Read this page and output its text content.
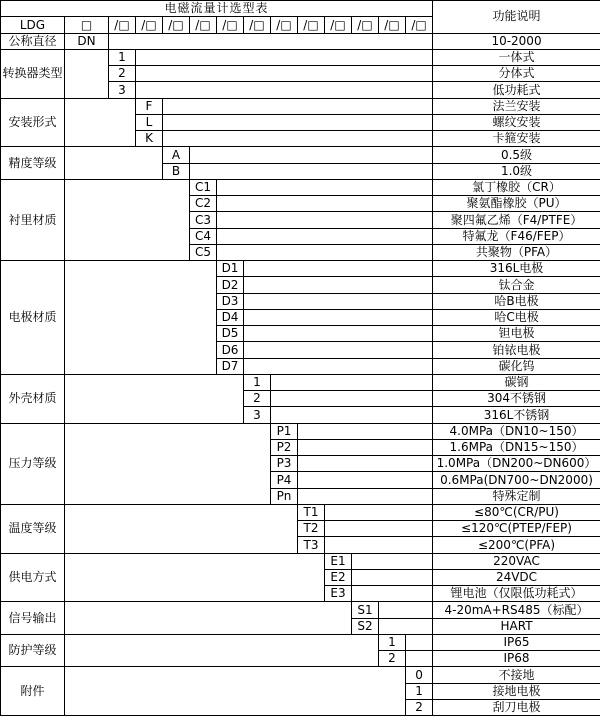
电磁流量计选型表														功能说明
LDG	□	/□	/□	/□	/□	/□	/□	/□	/□	/□	/□	/□	/□	
公称直径	DN													10-2000
转换器类型		1												一体式
		2												分体式
		3												低功耗式
安装形式			F											法兰安装
			L											螺纹安装
			K											卡箍安装
精度等级				A										0.5级
				B										1.0级
衬里材质					C1									氯丁橡胶（CR）
					C2									聚氨酯橡胶（PU）
					C3									聚四氟乙烯（F4/PTFE）
					C4									特氟龙（F46/FEP）
					C5									共聚物（PFA）
电极材质						D1								316L电极
						D2								钛合金
						D3								哈B电极
						D4								哈C电极
						D5								钽电极
						D6								铂铱电极
						D7								碳化钨
外壳材质							1							碳钢
							2							304不锈钢
							3							316L不锈钢
压力等级								P1						4.0MPa（DN10~150）
								P2						1.6MPa（DN15~150）
								P3						1.0MPa（DN200~DN600）
								P4						0.6MPa(DN700~DN2000)
								Pn						特殊定制
温度等级									T1					≤80℃(CR/PU)
									T2					≤120℃(PTEP/FEP)
									T3					≤200℃(PFA)
供电方式										E1				220VAC
										E2				24VDC
										E3				锂电池（仅限低功耗式）
信号输出											S1			4-20mA+RS485（标配）
											S2			HART
防护等级												1		IP65
												2		IP68
附件													0	不接地
													1	接地电极
													2	刮刀电极
